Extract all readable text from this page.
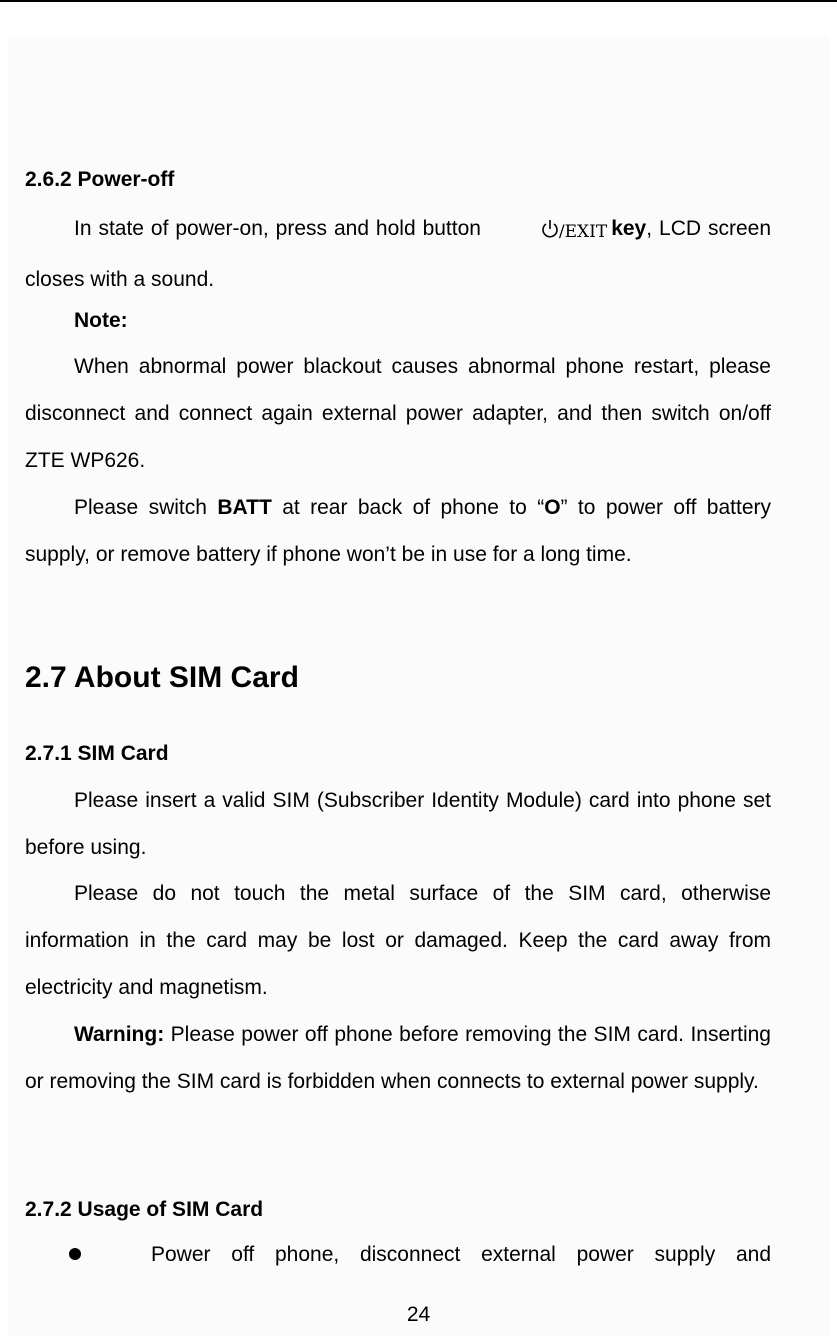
2.6.2 Power-off

In state of power-on, press and hold button	/EXIT key, LCD screen closes with a sound.

Note:

When abnormal power blackout causes abnormal phone restart, please disconnect and connect again external power adapter, and then switch on/off ZTE WP626.

Please switch BATT at rear back of phone to “O” to power off battery supply, or remove battery if phone won’t be in use for a long time.

2.7 About SIM Card
2.7.1 SIM Card

Please insert a valid SIM (Subscriber Identity Module) card into phone set before using.

Please do not touch the metal surface of the SIM card, otherwise information in the card may be lost or damaged. Keep the card away from electricity and magnetism.

Warning: Please power off phone before removing the SIM card. Inserting or removing the SIM card is forbidden when connects to external power supply.

2.7.2 Usage of SIM Card
Power off phone, disconnect external power supply and
24
